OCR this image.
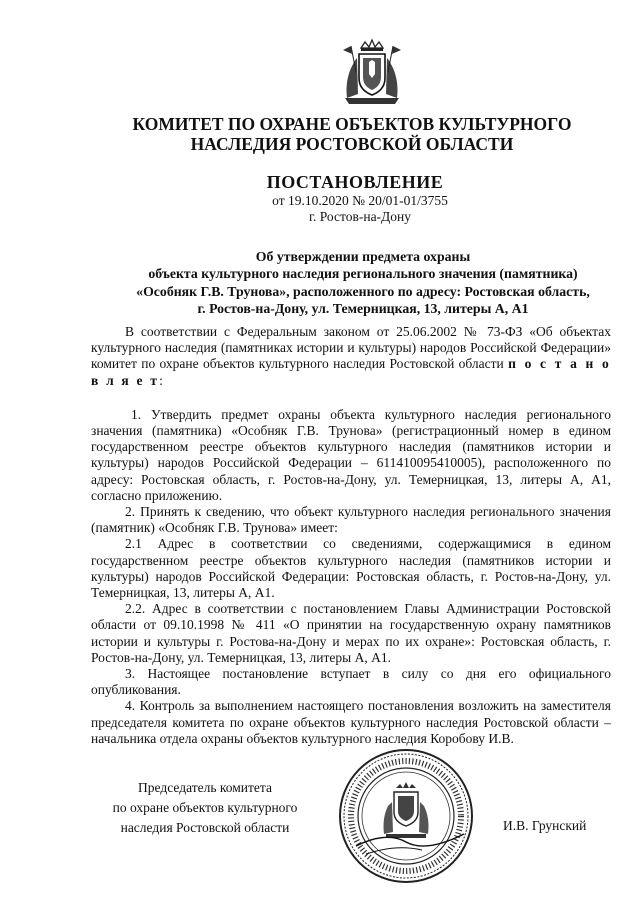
КОМИТЕТ ПО ОХРАНЕ ОБЪЕКТОВ КУЛЬТУРНОГО
НАСЛЕДИЯ РОСТОВСКОЙ ОБЛАСТИ
ПОСТАНОВЛЕНИЕ
от 19.10.2020 № 20/01-01/3755
г. Ростов-на-Дону
Об утверждении предмета охраны
объекта культурного наследия регионального значения (памятника)
«Особняк Г.В. Трунова», расположенного по адресу: Ростовская область,
г. Ростов-на-Дону, ул. Темерницкая, 13, литеры А, А1

В соответствии с Федеральным законом от 25.06.2002 № 73-ФЗ «Об объектах культурного наследия (памятниках истории и культуры) народов Российской Федерации» комитет по охране объектов культурного наследия Ростовской области п о с т а н о в л я е т:

1. Утвердить предмет охраны объекта культурного наследия регионального значения (памятника) «Особняк Г.В. Трунова» (регистрационный номер в едином государственном реестре объектов культурного наследия (памятников истории и культуры) народов Российской Федерации – 611410095410005), расположенного по адресу: Ростовская область, г. Ростов-на-Дону, ул. Темерницкая, 13, литеры А, А1, согласно приложению.

2. Принять к сведению, что объект культурного наследия регионального значения (памятник) «Особняк Г.В. Трунова» имеет:

2.1 Адрес в соответствии со сведениями, содержащимися в едином государственном реестре объектов культурного наследия (памятников истории и культуры) народов Российской Федерации: Ростовская область, г. Ростов-на-Дону, ул. Темерницкая, 13, литеры А, А1.

2.2. Адрес в соответствии с постановлением Главы Администрации Ростовской области от 09.10.1998 № 411 «О принятии на государственную охрану памятников истории и культуры г. Ростова-на-Дону и мерах по их охране»: Ростовская область, г. Ростов-на-Дону, ул. Темерницкая, 13, литеры А, А1.

3. Настоящее постановление вступает в силу со дня его официального опубликования.

4. Контроль за выполнением настоящего постановления возложить на заместителя председателя комитета по охране объектов культурного наследия Ростовской области – начальника отдела охраны объектов культурного наследия Коробову И.В.

Председатель комитета
по охране объектов культурного
наследия Ростовской области	И.В. Грунский
